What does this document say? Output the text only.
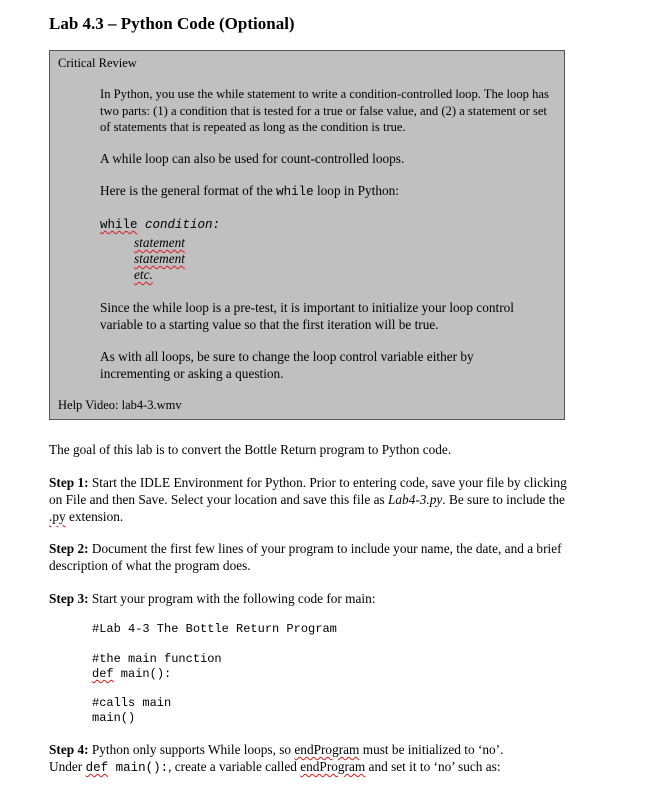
Lab 4.3 – Python Code (Optional)
Critical Review
In Python, you use the while statement to write a condition-controlled loop. The loop has two parts: (1) a condition that is tested for a true or false value, and (2) a statement or set of statements that is repeated as long as the condition is true.
A while loop can also be used for count-controlled loops.
Here is the general format of the while loop in Python:
while condition:
statement
statement
etc.
Since the while loop is a pre-test, it is important to initialize your loop control variable to a starting value so that the first iteration will be true.
As with all loops, be sure to change the loop control variable either by incrementing or asking a question.
Help Video: lab4-3.wmv
The goal of this lab is to convert the Bottle Return program to Python code.
Step 1: Start the IDLE Environment for Python. Prior to entering code, save your file by clicking on File and then Save. Select your location and save this file as Lab4-3.py. Be sure to include the .py extension.
Step 2: Document the first few lines of your program to include your name, the date, and a brief description of what the program does.
Step 3: Start your program with the following code for main:
#Lab 4-3 The Bottle Return Program
#the main function
def main():
#calls main
main()
Step 4: Python only supports While loops, so endProgram must be initialized to ‘no’.
Under def main():, create a variable called endProgram and set it to ‘no’ such as:
